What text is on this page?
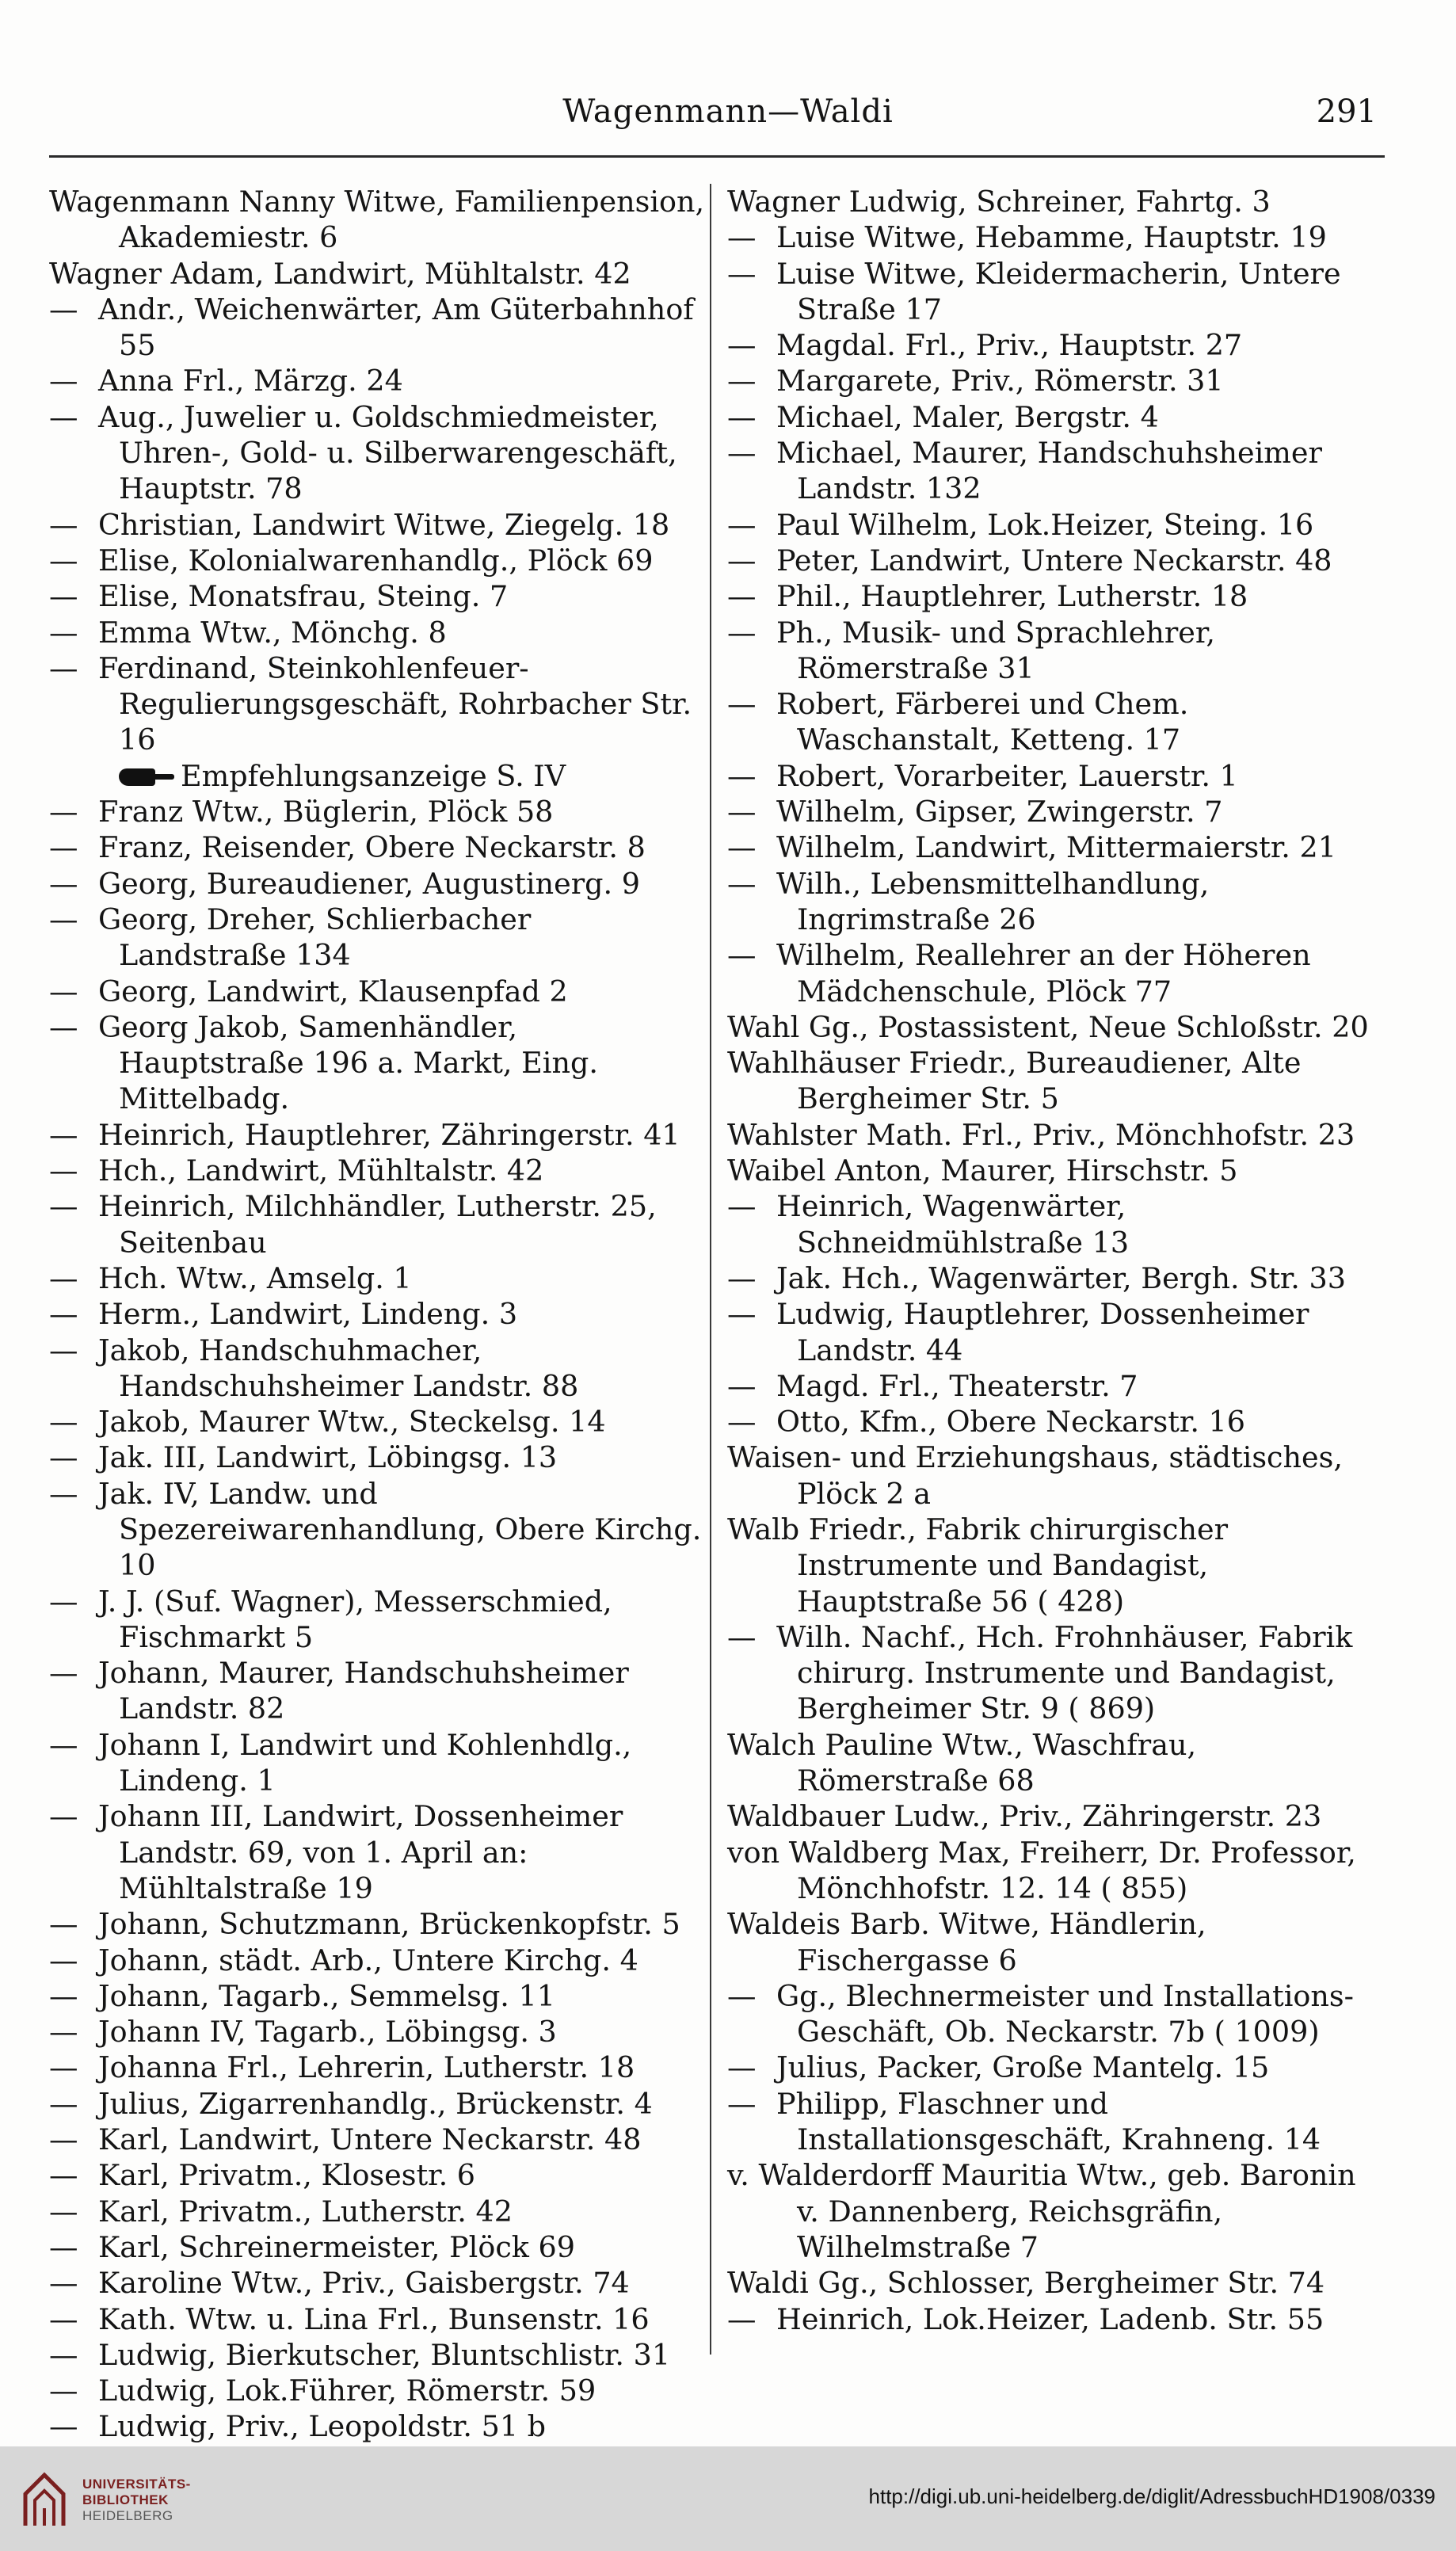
Wagenmann—Waldi	291
Wagenmann Nanny Witwe, Familienpension, Akademiestr. 6
Wagner Adam, Landwirt, Mühltalstr. 42
— Andr., Weichenwärter, Am Güterbahnhof 55
— Anna Frl., Märzg. 24
— Aug., Juwelier u. Goldschmiedmeister, Uhren-, Gold- u. Silberwarengeschäft, Hauptstr. 78
— Christian, Landwirt Witwe, Ziegelg. 18
— Elise, Kolonialwarenhandlg., Plöck 69
— Elise, Monatsfrau, Steing. 7
— Emma Wtw., Mönchg. 8
— Ferdinand, Steinkohlenfeuer-Regulierungsgeschäft, Rohrbacher Str. 16
Empfehlungsanzeige S. IV
— Franz Wtw., Büglerin, Plöck 58
— Franz, Reisender, Obere Neckarstr. 8
— Georg, Bureaudiener, Augustinerg. 9
— Georg, Dreher, Schlierbacher Landstraße 134
— Georg, Landwirt, Klausenpfad 2
— Georg Jakob, Samenhändler, Hauptstraße 196 a. Markt, Eing. Mittelbadg.
— Heinrich, Hauptlehrer, Zähringerstr. 41
— Hch., Landwirt, Mühltalstr. 42
— Heinrich, Milchhändler, Lutherstr. 25, Seitenbau
— Hch. Wtw., Amselg. 1
— Herm., Landwirt, Lindeng. 3
— Jakob, Handschuhmacher, Handschuhsheimer Landstr. 88
— Jakob, Maurer Wtw., Steckelsg. 14
— Jak. III, Landwirt, Löbingsg. 13
— Jak. IV, Landw. und Spezereiwarenhandlung, Obere Kirchg. 10
— J. J. (Suf. Wagner), Messerschmied, Fischmarkt 5
— Johann, Maurer, Handschuhsheimer Landstr. 82
— Johann I, Landwirt und Kohlenhdlg., Lindeng. 1
— Johann III, Landwirt, Dossenheimer Landstr. 69, von 1. April an: Mühltalstraße 19
— Johann, Schutzmann, Brückenkopfstr. 5
— Johann, städt. Arb., Untere Kirchg. 4
— Johann, Tagarb., Semmelsg. 11
— Johann IV, Tagarb., Löbingsg. 3
— Johanna Frl., Lehrerin, Lutherstr. 18
— Julius, Zigarrenhandlg., Brückenstr. 4
— Karl, Landwirt, Untere Neckarstr. 48
— Karl, Privatm., Klosestr. 6
— Karl, Privatm., Lutherstr. 42
— Karl, Schreinermeister, Plöck 69
— Karoline Wtw., Priv., Gaisbergstr. 74
— Kath. Wtw. u. Lina Frl., Bunsenstr. 16
— Ludwig, Bierkutscher, Bluntschlistr. 31
— Ludwig, Lok.Führer, Römerstr. 59
— Ludwig, Priv., Leopoldstr. 51 b
Wagner Ludwig, Schreiner, Fahrtg. 3
— Luise Witwe, Hebamme, Hauptstr. 19
— Luise Witwe, Kleidermacherin, Untere Straße 17
— Magdal. Frl., Priv., Hauptstr. 27
— Margarete, Priv., Römerstr. 31
— Michael, Maler, Bergstr. 4
— Michael, Maurer, Handschuhsheimer Landstr. 132
— Paul Wilhelm, Lok.Heizer, Steing. 16
— Peter, Landwirt, Untere Neckarstr. 48
— Phil., Hauptlehrer, Lutherstr. 18
— Ph., Musik- und Sprachlehrer, Römerstraße 31
— Robert, Färberei und Chem. Waschanstalt, Ketteng. 17
— Robert, Vorarbeiter, Lauerstr. 1
— Wilhelm, Gipser, Zwingerstr. 7
— Wilhelm, Landwirt, Mittermaierstr. 21
— Wilh., Lebensmittelhandlung, Ingrimstraße 26
— Wilhelm, Reallehrer an der Höheren Mädchenschule, Plöck 77
Wahl Gg., Postassistent, Neue Schloßstr. 20
Wahlhäuser Friedr., Bureaudiener, Alte Bergheimer Str. 5
Wahlster Math. Frl., Priv., Mönchhofstr. 23
Waibel Anton, Maurer, Hirschstr. 5
— Heinrich, Wagenwärter, Schneidmühlstraße 13
— Jak. Hch., Wagenwärter, Bergh. Str. 33
— Ludwig, Hauptlehrer, Dossenheimer Landstr. 44
— Magd. Frl., Theaterstr. 7
— Otto, Kfm., Obere Neckarstr. 16
Waisen- und Erziehungshaus, städtisches, Plöck 2 a
Walb Friedr., Fabrik chirurgischer Instrumente und Bandagist, Hauptstraße 56 ( 428)
— Wilh. Nachf., Hch. Frohnhäuser, Fabrik chirurg. Instrumente und Bandagist, Bergheimer Str. 9 ( 869)
Walch Pauline Wtw., Waschfrau, Römerstraße 68
Waldbauer Ludw., Priv., Zähringerstr. 23
von Waldberg Max, Freiherr, Dr. Professor, Mönchhofstr. 12. 14 ( 855)
Waldeis Barb. Witwe, Händlerin, Fischergasse 6
— Gg., Blechnermeister und Installations-Geschäft, Ob. Neckarstr. 7b ( 1009)
— Julius, Packer, Große Mantelg. 15
— Philipp, Flaschner und Installationsgeschäft, Krahneng. 14
v. Walderdorff Mauritia Wtw., geb. Baronin v. Dannenberg, Reichsgräfin, Wilhelmstraße 7
Waldi Gg., Schlosser, Bergheimer Str. 74
— Heinrich, Lok.Heizer, Ladenb. Str. 55
UNIVERSITÄTS-
BIBLIOTHEK
HEIDELBERG
http://digi.ub.uni-heidelberg.de/diglit/AdressbuchHD1908/0339
